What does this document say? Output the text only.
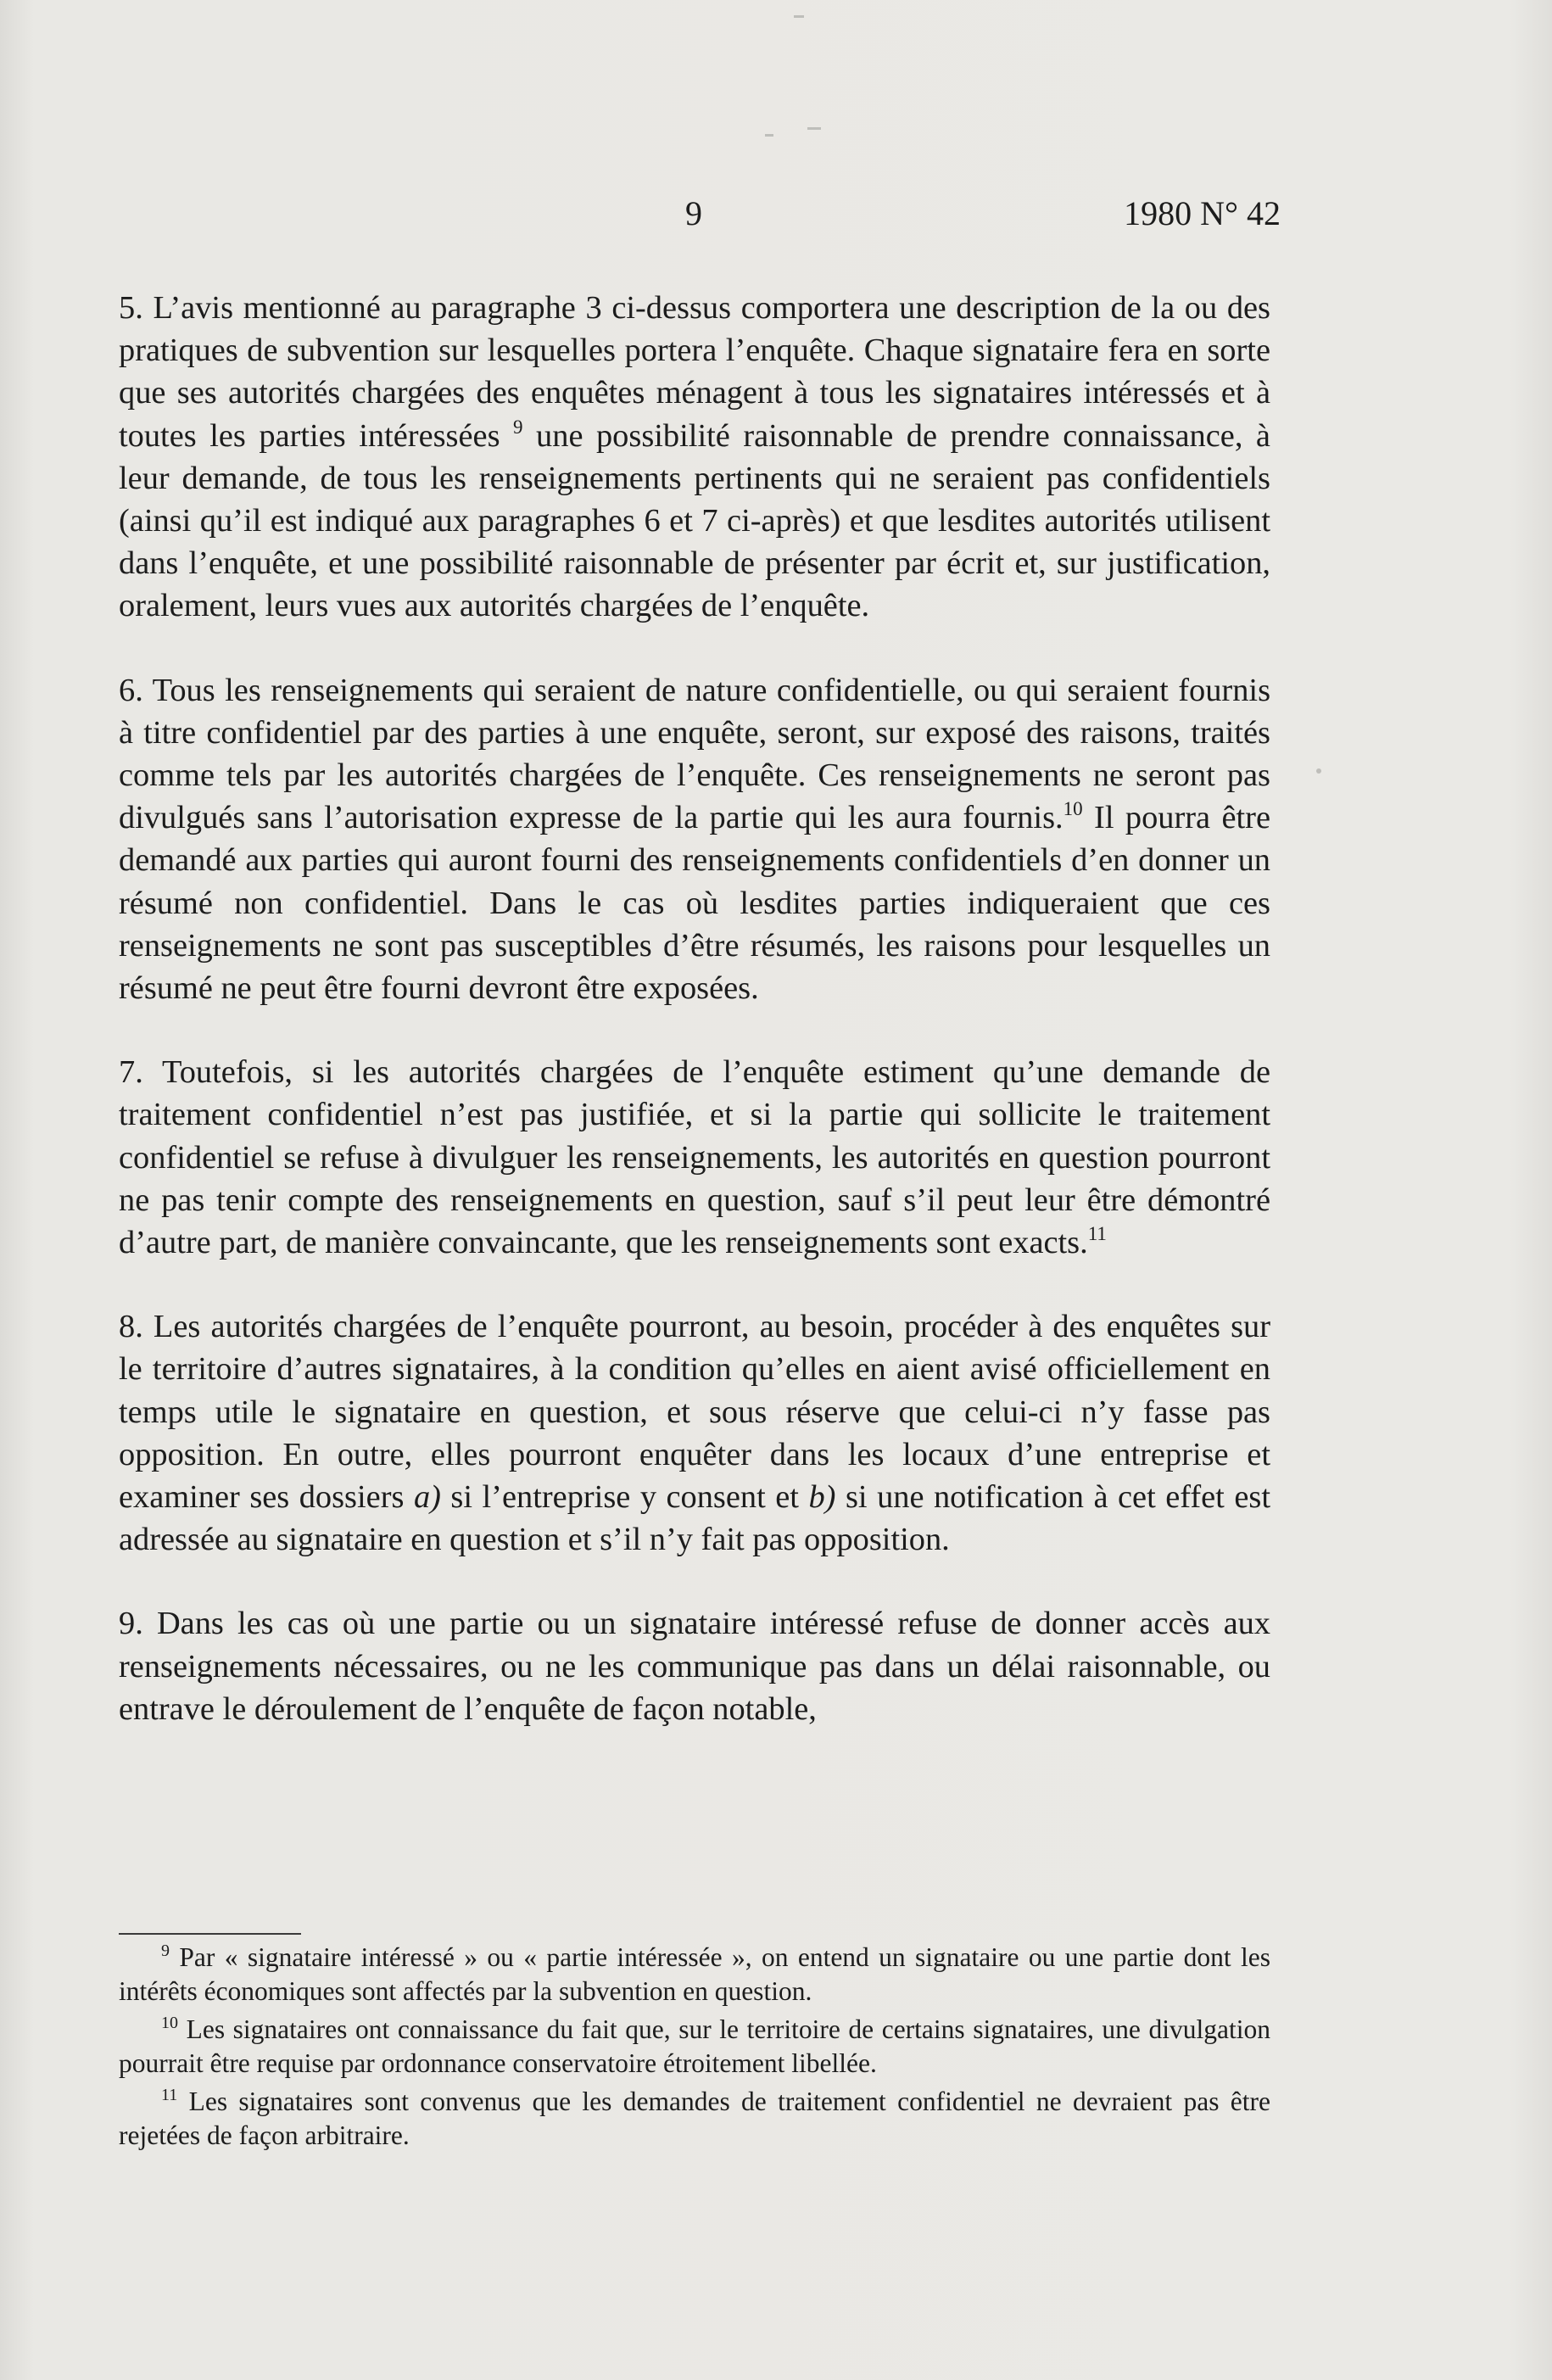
9	1980 N° 42

5. L’avis mentionné au paragraphe 3 ci-dessus comportera une description de la ou des pratiques de subvention sur lesquelles portera l’enquête. Chaque signataire fera en sorte que ses autorités chargées des enquêtes ménagent à tous les signataires intéressés et à toutes les parties intéressées $^9$ une possibilité raisonnable de prendre connaissance, à leur demande, de tous les renseignements pertinents qui ne seraient pas confidentiels (ainsi qu’il est indiqué aux paragraphes 6 et 7 ci-après) et que lesdites autorités utilisent dans l’enquête, et une possibilité raisonnable de présenter par écrit et, sur justification, oralement, leurs vues aux autorités chargées de l’enquête.

6. Tous les renseignements qui seraient de nature confidentielle, ou qui seraient fournis à titre confidentiel par des parties à une enquête, seront, sur exposé des raisons, traités comme tels par les autorités chargées de l’enquête. Ces renseignements ne seront pas divulgués sans l’autorisation expresse de la partie qui les aura fournis.$^{10}$ Il pourra être demandé aux parties qui auront fourni des renseignements confidentiels d’en donner un résumé non confidentiel. Dans le cas où lesdites parties indiqueraient que ces renseignements ne sont pas susceptibles d’être résumés, les raisons pour lesquelles un résumé ne peut être fourni devront être exposées.

7. Toutefois, si les autorités chargées de l’enquête estiment qu’une demande de traitement confidentiel n’est pas justifiée, et si la partie qui sollicite le traitement confidentiel se refuse à divulguer les renseignements, les autorités en question pourront ne pas tenir compte des renseignements en question, sauf s’il peut leur être démontré d’autre part, de manière convaincante, que les renseignements sont exacts.$^{11}$

8. Les autorités chargées de l’enquête pourront, au besoin, procéder à des enquêtes sur le territoire d’autres signataires, à la condition qu’elles en aient avisé officiellement en temps utile le signataire en question, et sous réserve que celui-ci n’y fasse pas opposition. En outre, elles pourront enquêter dans les locaux d’une entreprise et examiner ses dossiers a) si l’entreprise y consent et b) si une notification à cet effet est adressée au signataire en question et s’il n’y fait pas opposition.

9. Dans les cas où une partie ou un signataire intéressé refuse de donner accès aux renseignements nécessaires, ou ne les communique pas dans un délai raisonnable, ou entrave le déroulement de l’enquête de façon notable,

$^9$ Par « signataire intéressé » ou « partie intéressée », on entend un signataire ou une partie dont les intérêts économiques sont affectés par la subvention en question.

$^{10}$ Les signataires ont connaissance du fait que, sur le territoire de certains signataires, une divulgation pourrait être requise par ordonnance conservatoire étroitement libellée.

$^{11}$ Les signataires sont convenus que les demandes de traitement confidentiel ne devraient pas être rejetées de façon arbitraire.
